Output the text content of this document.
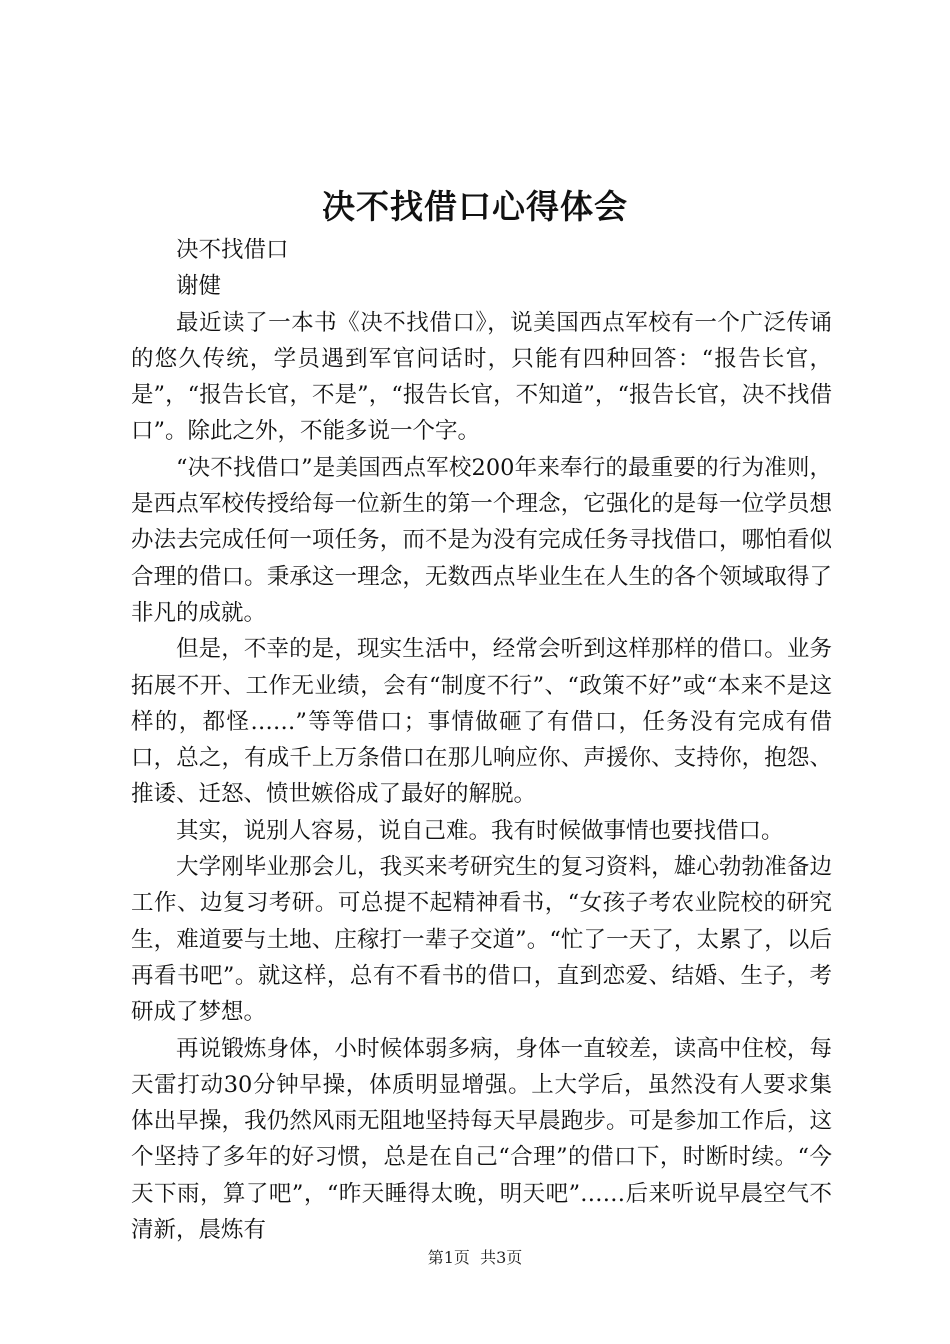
决不找借口心得体会

决不找借口

谢健

最近读了一本书《决不找借口》，说美国西点军校有一个广泛传诵的悠久传统，学员遇到军官问话时，只能有四种回答：“报告长官，是”，“报告长官，不是”，“报告长官，不知道”，“报告长官，决不找借口”。除此之外，不能多说一个字。

“决不找借口”是美国西点军校200年来奉行的最重要的行为准则，是西点军校传授给每一位新生的第一个理念，它强化的是每一位学员想办法去完成任何一项任务，而不是为没有完成任务寻找借口，哪怕看似合理的借口。秉承这一理念，无数西点毕业生在人生的各个领域取得了非凡的成就。

但是，不幸的是，现实生活中，经常会听到这样那样的借口。业务拓展不开、工作无业绩，会有“制度不行”、“政策不好”或“本来不是这样的，都怪……”等等借口；事情做砸了有借口，任务没有完成有借口，总之，有成千上万条借口在那儿响应你、声援你、支持你，抱怨、推诿、迁怒、愤世嫉俗成了最好的解脱。

其实，说别人容易，说自己难。我有时候做事情也要找借口。

大学刚毕业那会儿，我买来考研究生的复习资料，雄心勃勃准备边工作、边复习考研。可总提不起精神看书，“女孩子考农业院校的研究生，难道要与土地、庄稼打一辈子交道”。“忙了一天了，太累了，以后再看书吧”。就这样，总有不看书的借口，直到恋爱、结婚、生子，考研成了梦想。

再说锻炼身体，小时候体弱多病，身体一直较差，读高中住校，每天雷打动30分钟早操，体质明显增强。上大学后，虽然没有人要求集体出早操，我仍然风雨无阻地坚持每天早晨跑步。可是参加工作后，这个坚持了多年的好习惯，总是在自己“合理”的借口下，时断时续。“今天下雨，算了吧”，“昨天睡得太晚，明天吧”……后来听说早晨空气不清新，晨炼有

第1页 共3页
